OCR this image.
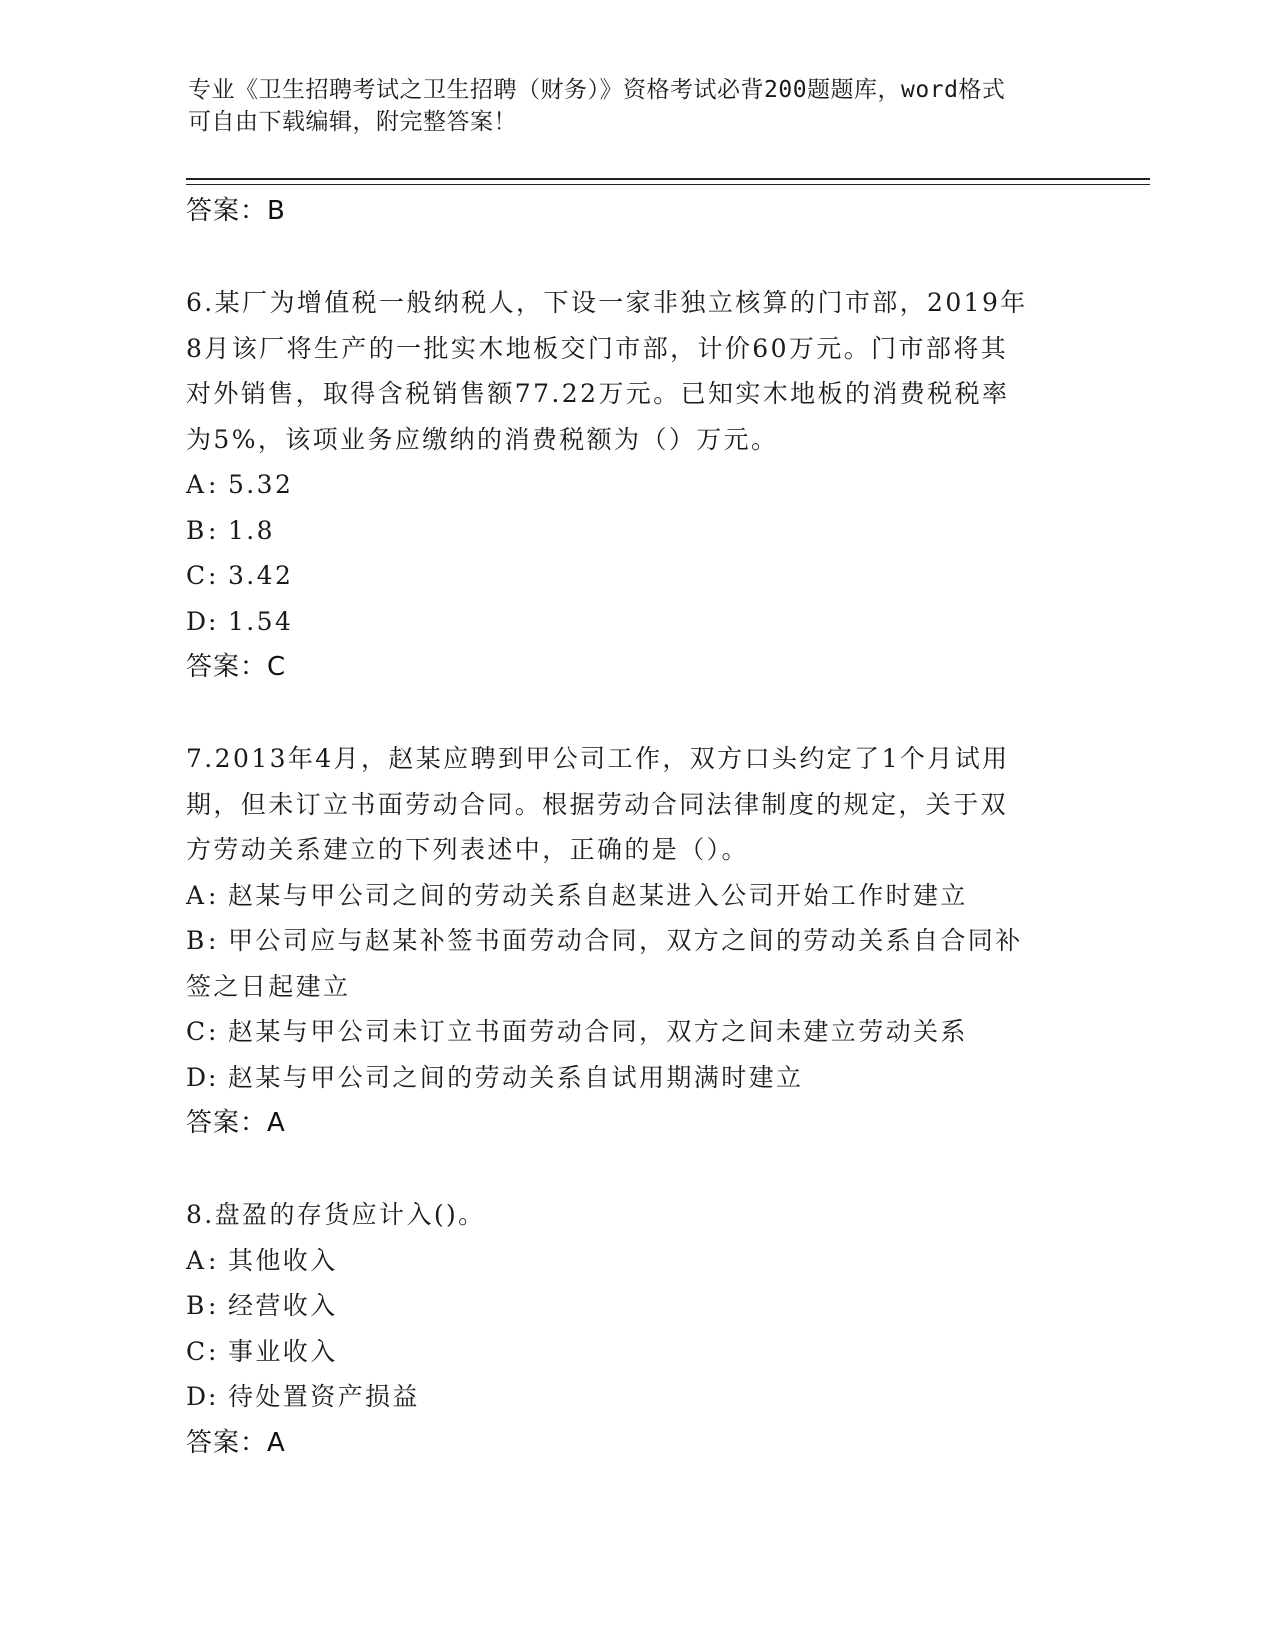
专业《卫生招聘考试之卫生招聘（财务）》资格考试必背200题题库，word格式
可自由下载编辑，附完整答案！
答案：B
6.某厂为增值税一般纳税人，下设一家非独立核算的门市部，2019年
8月该厂将生产的一批实木地板交门市部，计价60万元。门市部将其
对外销售，取得含税销售额77.22万元。已知实木地板的消费税税率
为5%，该项业务应缴纳的消费税额为（）万元。
A: 5.32
B: 1.8
C: 3.42
D: 1.54
答案：C
7.2013年4月，赵某应聘到甲公司工作，双方口头约定了1个月试用
期，但未订立书面劳动合同。根据劳动合同法律制度的规定，关于双
方劳动关系建立的下列表述中，正确的是（）。
A: 赵某与甲公司之间的劳动关系自赵某进入公司开始工作时建立
B: 甲公司应与赵某补签书面劳动合同，双方之间的劳动关系自合同补
签之日起建立
C: 赵某与甲公司未订立书面劳动合同，双方之间未建立劳动关系
D: 赵某与甲公司之间的劳动关系自试用期满时建立
答案：A
8.盘盈的存货应计入()。
A: 其他收入
B: 经营收入
C: 事业收入
D: 待处置资产损益
答案：A
